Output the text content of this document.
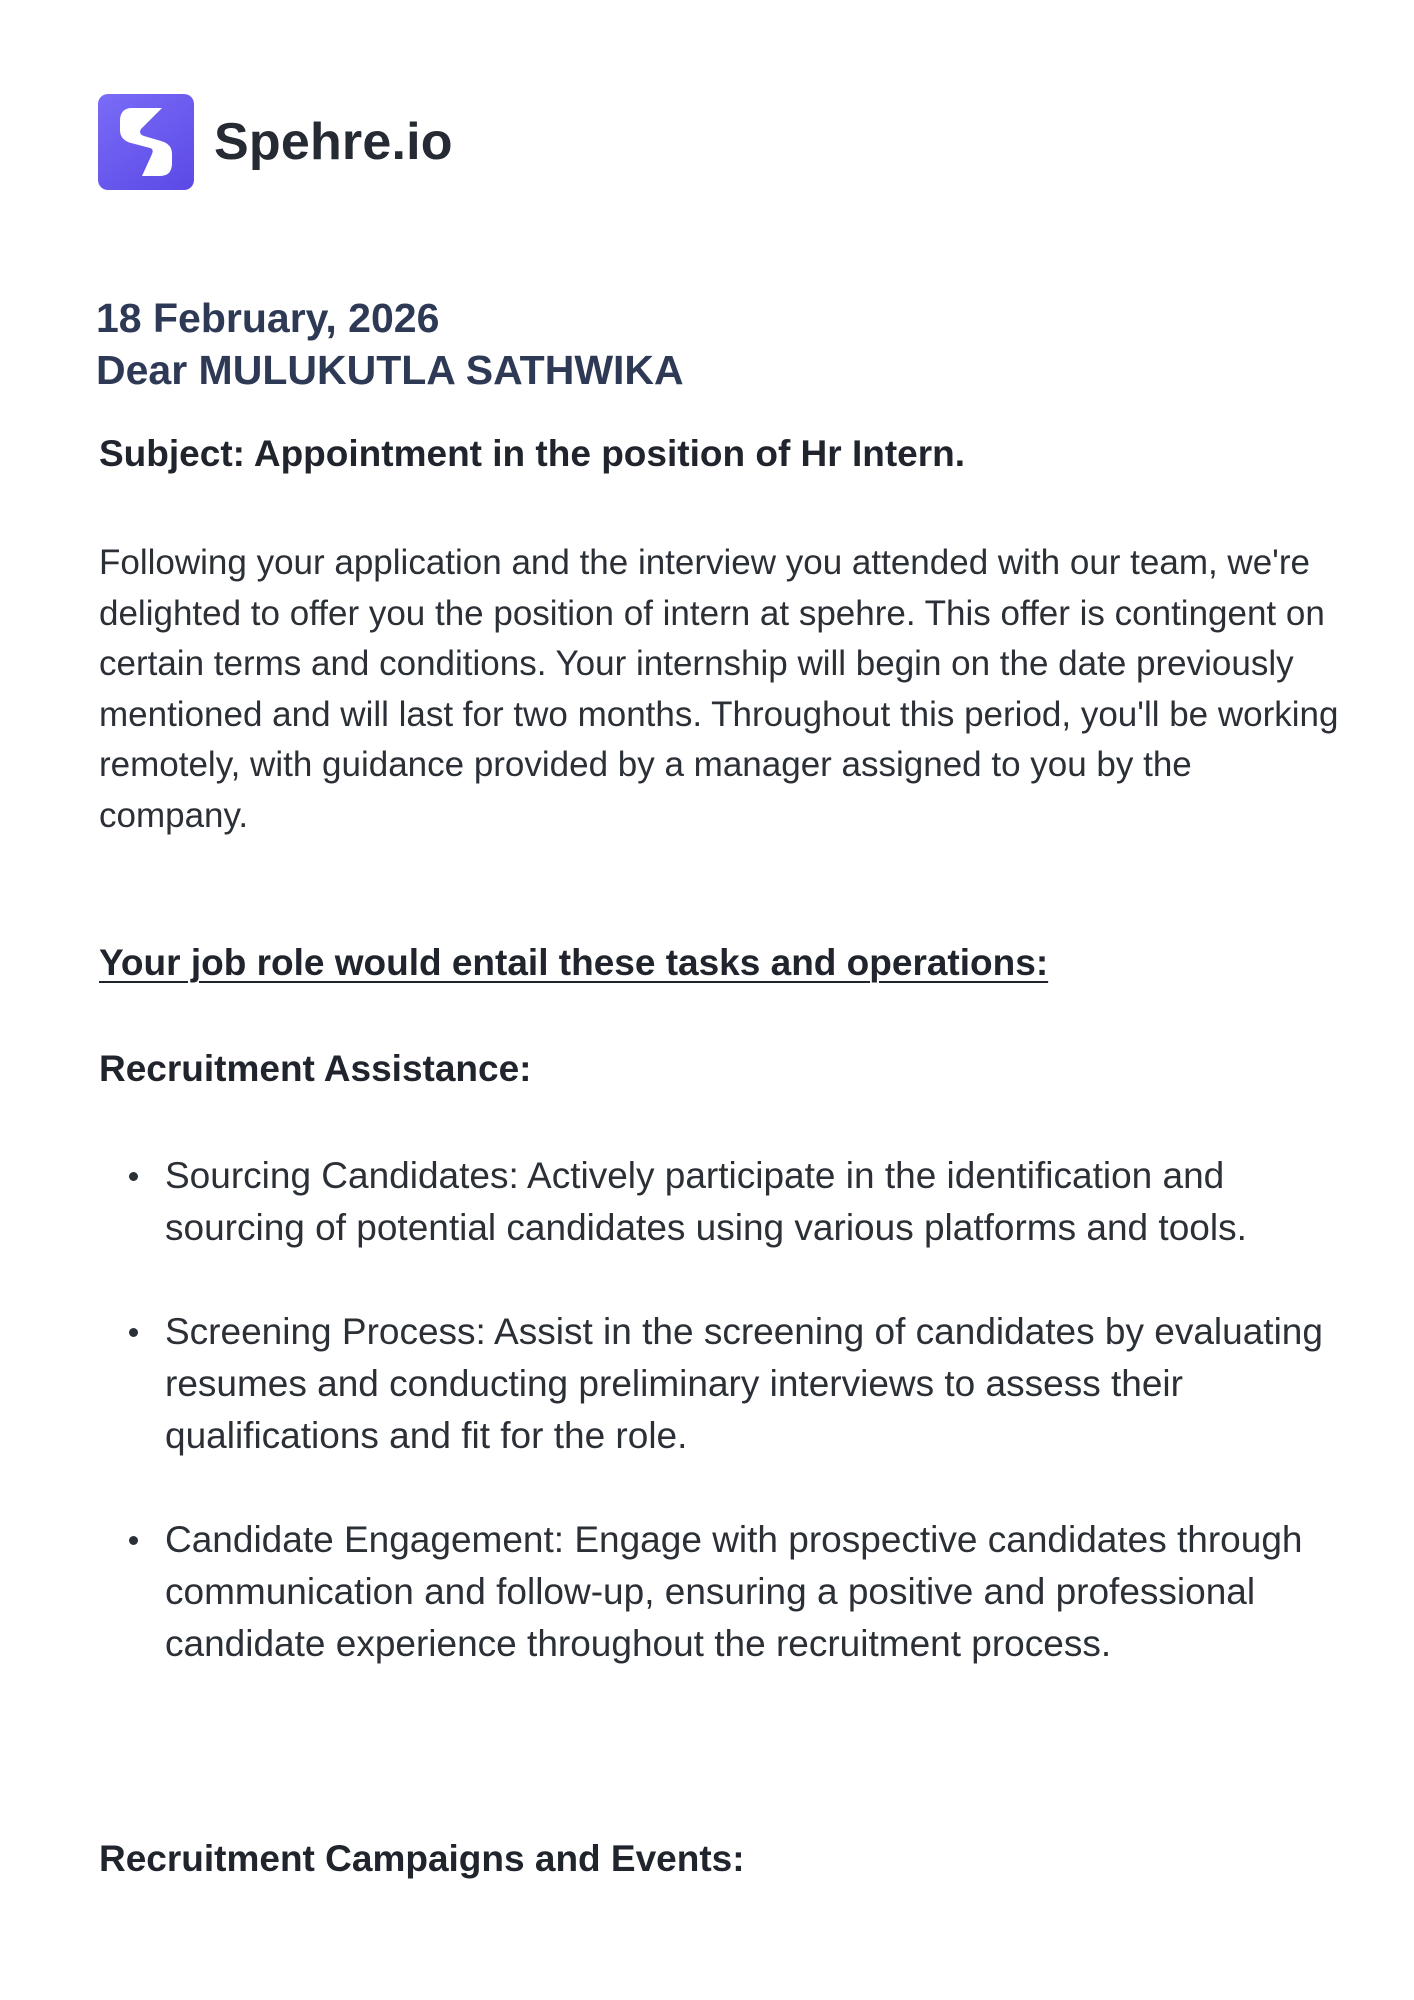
Spehre.io
18 February, 2026
Dear MULUKUTLA SATHWIKA
Subject: Appointment in the position of Hr Intern.

Following your application and the interview you attended with our team, we're delighted to offer you the position of intern at spehre. This offer is contingent on certain terms and conditions. Your internship will begin on the date previously mentioned and will last for two months. Throughout this period, you'll be working remotely, with guidance provided by a manager assigned to you by the company.

Your job role would entail these tasks and operations:
Recruitment Assistance:
Sourcing Candidates: Actively participate in the identification and sourcing of potential candidates using various platforms and tools.
Screening Process: Assist in the screening of candidates by evaluating resumes and conducting preliminary interviews to assess their qualifications and fit for the role.
Candidate Engagement: Engage with prospective candidates through communication and follow-up, ensuring a positive and professional candidate experience throughout the recruitment process.
Recruitment Campaigns and Events:
